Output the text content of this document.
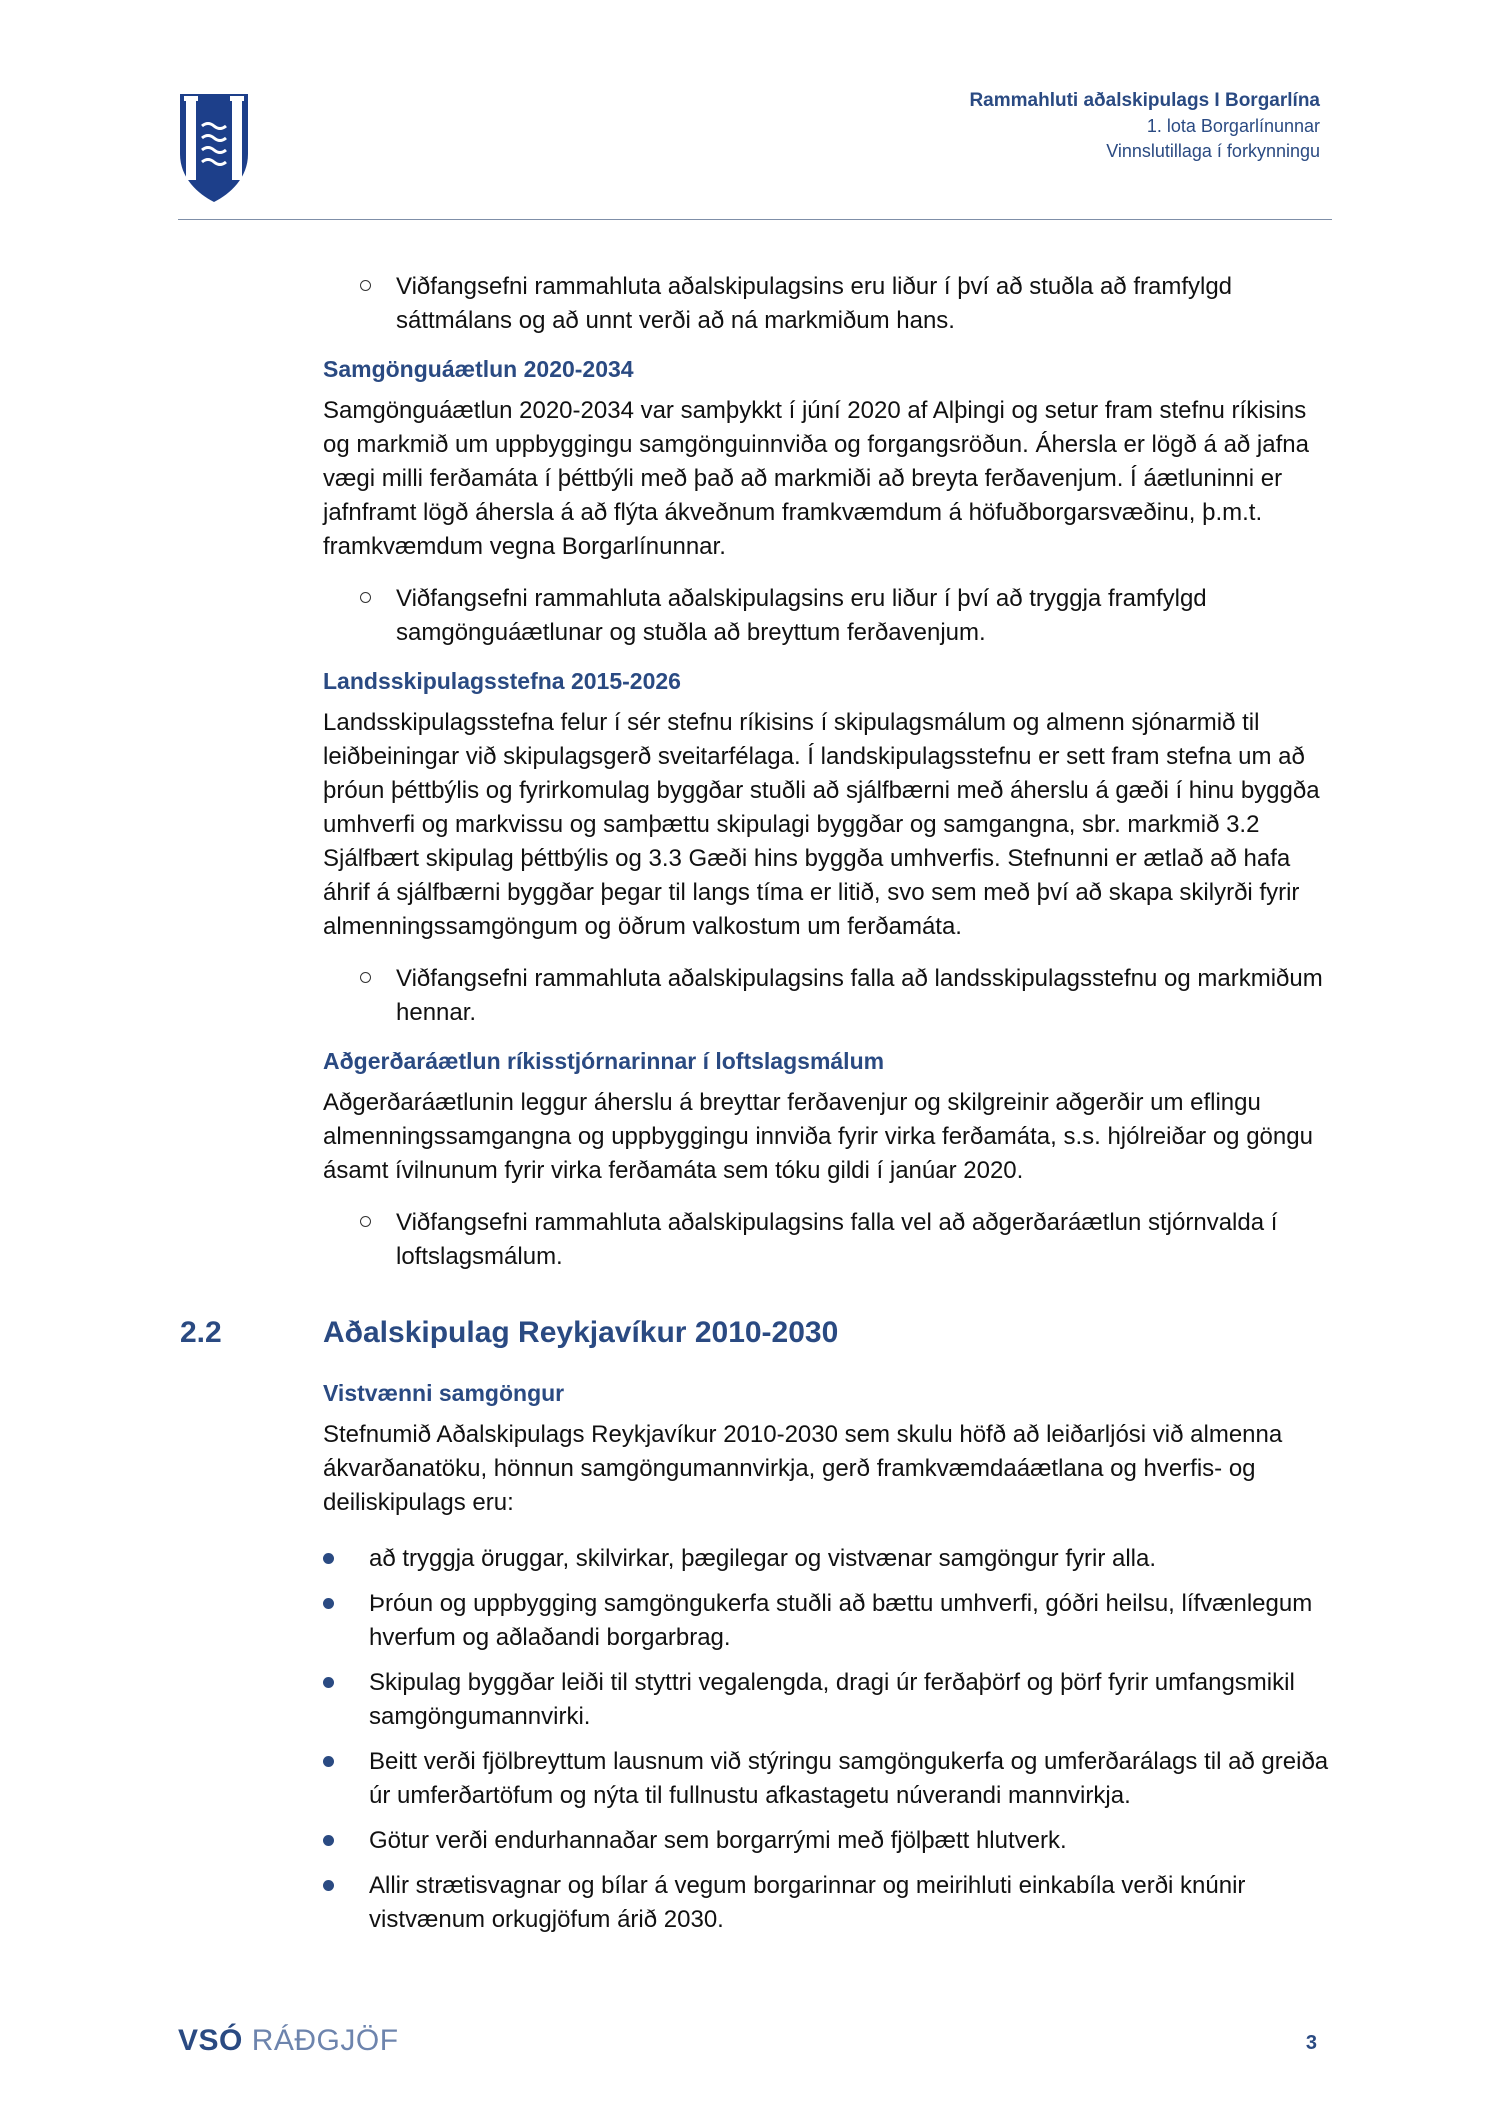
Rammahluti aðalskipulags I Borgarlína
1. lota Borgarlínunnar
Vinnslutillaga í forkynningu
Viðfangsefni rammahluta aðalskipulagsins eru liður í því að stuðla að framfylgd sáttmálans og að unnt verði að ná markmiðum hans.
Samgönguáætlun 2020-2034
Samgönguáætlun 2020-2034 var samþykkt í júní 2020 af Alþingi og setur fram stefnu ríkisins og markmið um uppbyggingu samgönguinnviða og forgangsröðun. Áhersla er lögð á að jafna vægi milli ferðamáta í þéttbýli með það að markmiði að breyta ferðavenjum. Í áætluninni er jafnframt lögð áhersla á að flýta ákveðnum framkvæmdum á höfuðborgarsvæðinu, þ.m.t. framkvæmdum vegna Borgarlínunnar.
Viðfangsefni rammahluta aðalskipulagsins eru liður í því að tryggja framfylgd samgönguáætlunar og stuðla að breyttum ferðavenjum.
Landsskipulagsstefna 2015-2026
Landsskipulagsstefna felur í sér stefnu ríkisins í skipulagsmálum og almenn sjónarmið til leiðbeiningar við skipulagsgerð sveitarfélaga. Í landskipulagsstefnu er sett fram stefna um að þróun þéttbýlis og fyrirkomulag byggðar stuðli að sjálfbærni með áherslu á gæði í hinu byggða umhverfi og markvissu og samþættu skipulagi byggðar og samgangna, sbr. markmið 3.2 Sjálfbært skipulag þéttbýlis og 3.3 Gæði hins byggða umhverfis. Stefnunni er ætlað að hafa áhrif á sjálfbærni byggðar þegar til langs tíma er litið, svo sem með því að skapa skilyrði fyrir almenningssamgöngum og öðrum valkostum um ferðamáta.
Viðfangsefni rammahluta aðalskipulagsins falla að landsskipulagsstefnu og markmiðum hennar.
Aðgerðaráætlun ríkisstjórnarinnar í loftslagsmálum
Aðgerðaráætlunin leggur áherslu á breyttar ferðavenjur og skilgreinir aðgerðir um eflingu almenningssamgangna og uppbyggingu innviða fyrir virka ferðamáta, s.s. hjólreiðar og göngu ásamt ívilnunum fyrir virka ferðamáta sem tóku gildi í janúar 2020.
Viðfangsefni rammahluta aðalskipulagsins falla vel að aðgerðaráætlun stjórnvalda í loftslagsmálum.
2.2	Aðalskipulag Reykjavíkur 2010-2030
Vistvænni samgöngur
Stefnumið Aðalskipulags Reykjavíkur 2010-2030 sem skulu höfð að leiðarljósi við almenna ákvarðanatöku, hönnun samgöngumannvirkja, gerð framkvæmdaáætlana og hverfis- og deiliskipulags eru:
að tryggja öruggar, skilvirkar, þægilegar og vistvænar samgöngur fyrir alla.
Þróun og uppbygging samgöngukerfa stuðli að bættu umhverfi, góðri heilsu, lífvænlegum hverfum og aðlaðandi borgarbrag.
Skipulag byggðar leiði til styttri vegalengda, dragi úr ferðaþörf og þörf fyrir umfangsmikil samgöngumannvirki.
Beitt verði fjölbreyttum lausnum við stýringu samgöngukerfa og umferðarálags til að greiða úr umferðartöfum og nýta til fullnustu afkastagetu núverandi mannvirkja.
Götur verði endurhannaðar sem borgarrými með fjölþætt hlutverk.
Allir strætisvagnar og bílar á vegum borgarinnar og meirihluti einkabíla verði knúnir vistvænum orkugjöfum árið 2030.
VSÓ RÁÐGJÖF	3
